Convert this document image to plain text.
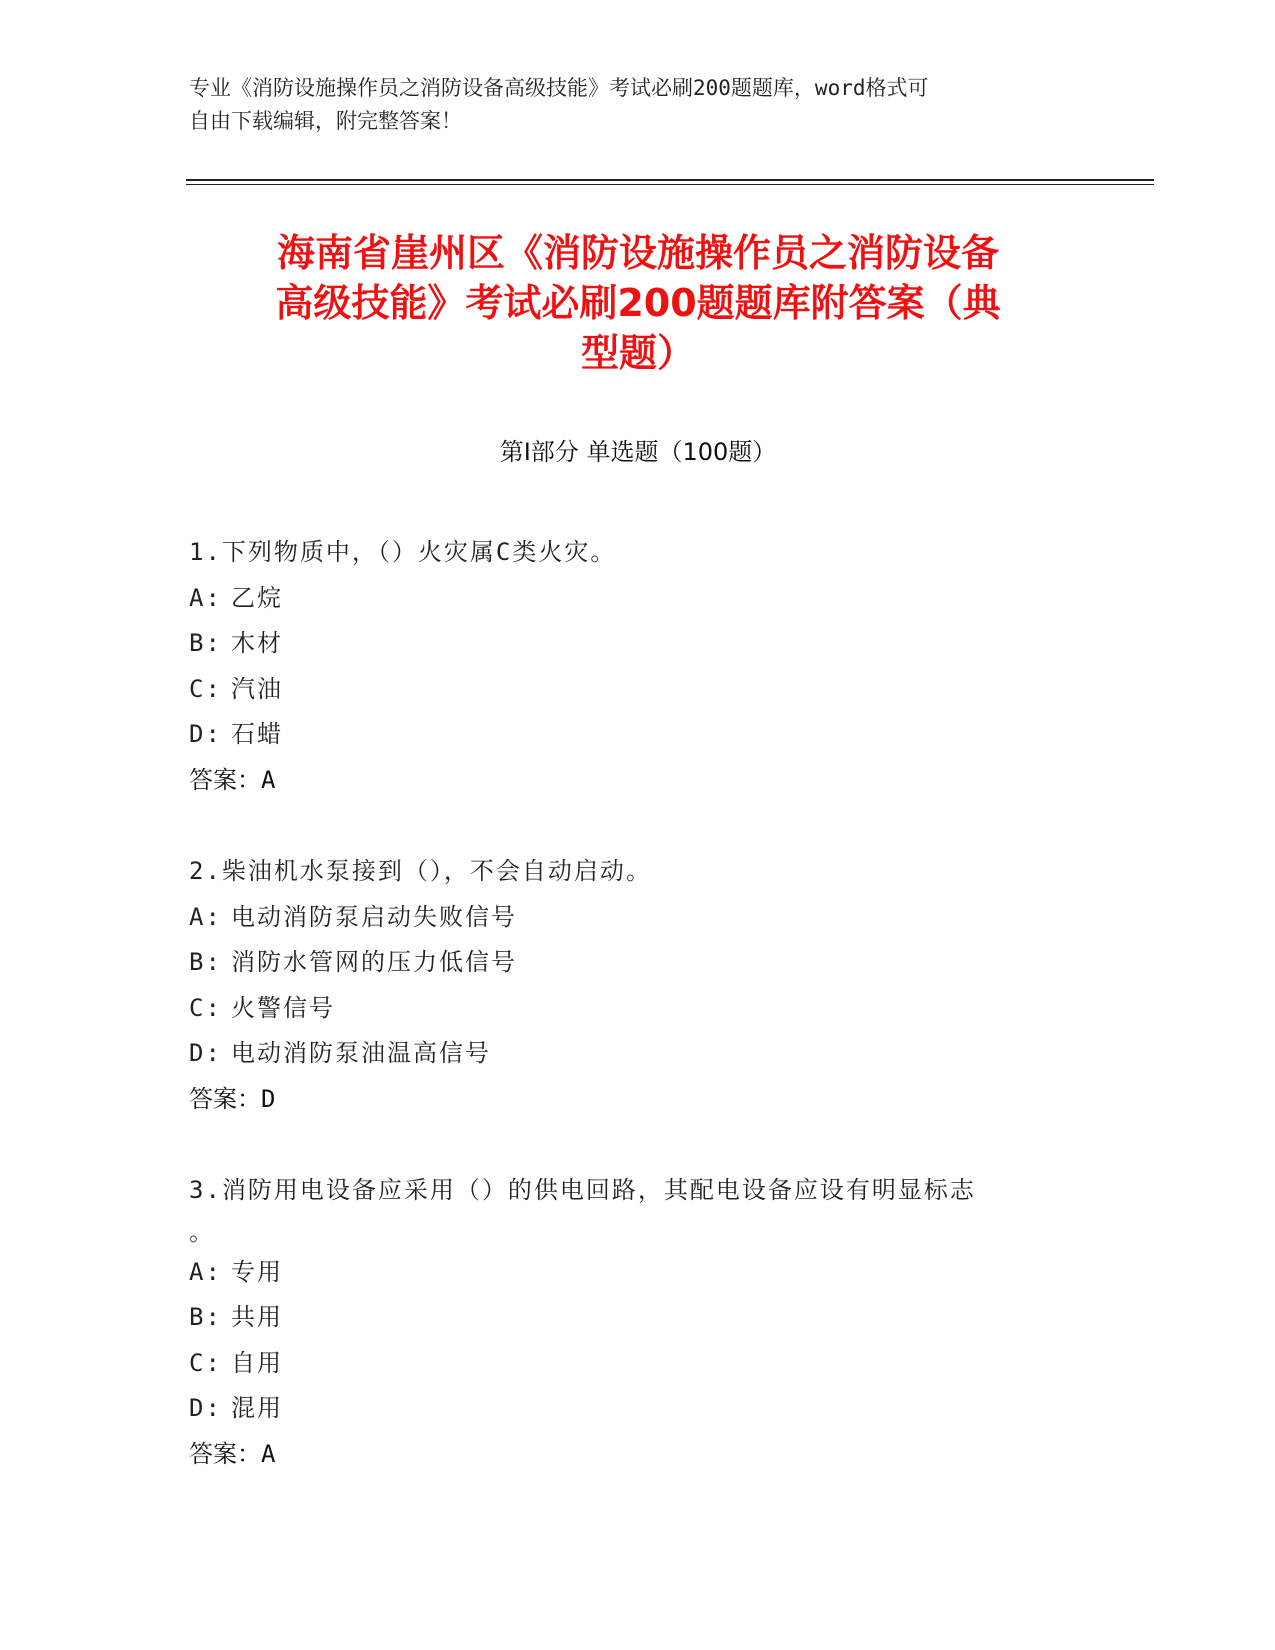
专业《消防设施操作员之消防设备高级技能》考试必刷200题题库，word格式可
自由下载编辑，附完整答案！
海南省崖州区《消防设施操作员之消防设备
高级技能》考试必刷200题题库附答案（典
型题）
第Ⅰ部分 单选题（100题）
1.下列物质中，（）火灾属C类火灾。
A: 乙烷
B: 木材
C: 汽油
D: 石蜡
答案：A
2.柴油机水泵接到（），不会自动启动。
A: 电动消防泵启动失败信号
B: 消防水管网的压力低信号
C: 火警信号
D: 电动消防泵油温高信号
答案：D
3.消防用电设备应采用（）的供电回路，其配电设备应设有明显标志
。
A: 专用
B: 共用
C: 自用
D: 混用
答案：A
